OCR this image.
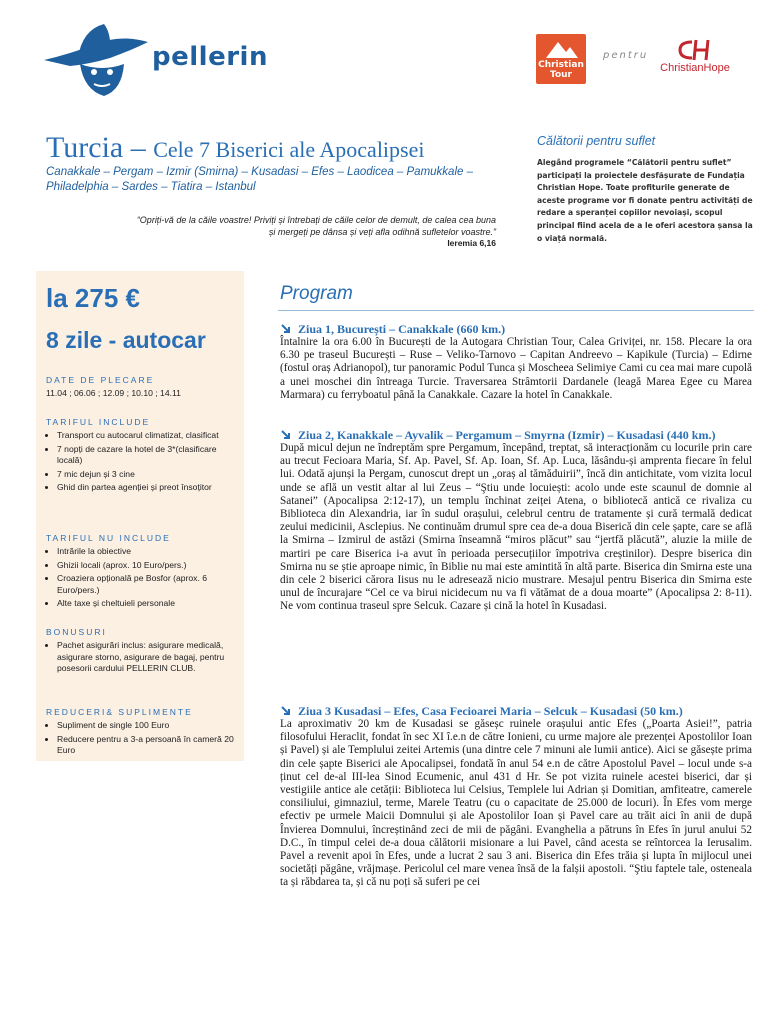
pellerin	Christian Tour
pentru
ChristianHope
Turcia – Cele 7 Biserici ale Apocalipsei
Canakkale – Pergam – Izmir (Smirna) – Kusadasi – Efes – Laodicea – Pamukkale – Philadelphia – Sardes – Tiatira – Istanbul
“Opriți-vă de la căile voastre! Priviți și întrebați de căile celor de demult, de calea cea buna și mergeți pe dânsa și veți afla odihnă sufletelor voastre.”
Ieremia 6,16
Călătorii pentru suflet
Alegând programele “Călătorii pentru suflet” participați la proiectele desfășurate de Fundația Christian Hope. Toate profiturile generate de aceste programe vor fi donate pentru activități de redare a speranței copiilor nevoiași, scopul principal fiind acela de a le oferi acestora șansa la o viață normală.
la 275 €
8 zile - autocar
DATE DE PLECARE
11.04 ; 06.06 ; 12.09 ; 10.10 ; 14.11
TARIFUL INCLUDE
• Transport cu autocarul climatizat, clasificat
• 7 nopți de cazare la hotel de 3*(clasificare locală)
• 7 mic dejun și 3 cine
• Ghid din partea agenției și preot însoțitor
TARIFUL NU INCLUDE
• Intrările la obiective
• Ghizii locali (aprox. 10 Euro/pers.)
• Croaziera opțională pe Bosfor (aprox. 6 Euro/pers.)
• Alte taxe și cheltuieli personale
BONUSURI
• Pachet asigurări inclus: asigurare medicală, asigurare storno, asigurare de bagaj, pentru posesorii cardului PELLERIN CLUB.
REDUCERI& SUPLIMENTE
• Supliment de single 100 Euro
• Reducere pentru a 3-a persoană în cameră 20 Euro
Program
Ziua 1, București – Canakkale (660 km.)

Întalnire la ora 6.00 în București de la Autogara Christian Tour, Calea Griviței, nr. 158. Plecare la ora 6.30 pe traseul București – Ruse – Veliko-Tarnovo – Capitan Andreevo – Kapikule (Turcia) – Edirne (fostul oraș Adrianopol), tur panoramic Podul Tunca și Moscheea Selimiye Cami cu cea mai mare cupolă a unei moschei din întreaga Turcie. Traversarea Strâmtorii Dardanele (leagă Marea Egee cu Marea Marmara) cu ferryboatul până la Canakkale. Cazare la hotel în Canakkale.

Ziua 2, Kanakkale – Ayvalik – Pergamum – Smyrna (Izmir) – Kusadasi (440 km.)

După micul dejun ne îndreptăm spre Pergamum, începând, treptat, să interacționăm cu locurile prin care au trecut Fecioara Maria, Sf. Ap. Pavel, Sf. Ap. Ioan, Sf. Ap. Luca, lăsându-și amprenta fiecare în felul lui. Odată ajunși la Pergam, cunoscut drept un „oraș al tămăduirii”, încă din antichitate, vom vizita locul unde se află un vestit altar al lui Zeus – “Ştiu unde locuiești: acolo unde este scaunul de domnie al Satanei” (Apocalipsa 2:12-17), un templu închinat zeiței Atena, o bibliotecă antică ce rivaliza cu Biblioteca din Alexandria, iar în sudul orașului, celebrul centru de tratamente și cură termală dedicat zeului medicinii, Asclepius. Ne continuăm drumul spre cea de-a doua Biserică din cele șapte, care se află la Smirna – Izmirul de astăzi (Smirna înseamnă “miros plăcut” sau “jertfă plăcută”, aluzie la miile de martiri pe care Biserica i-a avut în perioada persecuțiilor împotriva creștinilor). Despre biserica din Smirna nu se știe aproape nimic, în Biblie nu mai este amintită în altă parte. Biserica din Smirna este una din cele 2 biserici cărora Iisus nu le adresează nicio mustrare. Mesajul pentru Biserica din Smirna este unul de încurajare “Cel ce va birui nicidecum nu va fi vătămat de a doua moarte” (Apocalipsa 2: 8-11). Ne vom continua traseul spre Selcuk. Cazare și cină la hotel în Kusadasi.

Ziua 3 Kusadasi – Efes, Casa Fecioarei Maria – Selcuk – Kusadasi (50 km.)

La aproximativ 20 km de Kusadasi se găseșc ruinele orașului antic Efes („Poarta Asiei!”, patria filosofului Heraclit, fondat în sec XI î.e.n de către Ionieni, cu urme majore ale prezenței Apostolilor Ioan și Pavel) și ale Templului zeitei Artemis (una dintre cele 7 minuni ale lumii antice). Aici se găsește prima din cele șapte Biserici ale Apocalipsei, fondată în anul 54 e.n de către Apostolul Pavel – locul unde s-a ținut cel de-al III-lea Sinod Ecumenic, anul 431 d Hr. Se pot vizita ruinele acestei biserici, dar și vestigiile antice ale cetății: Biblioteca lui Celsius, Templele lui Adrian și Domitian, amfiteatre, camerele consiliului, gimnaziul, terme, Marele Teatru (cu o capacitate de 25.000 de locuri). În Efes vom merge efectiv pe urmele Maicii Domnului și ale Apostolilor Ioan și Pavel care au trăit aici în anii de după Învierea Domnului, încreștinând zeci de mii de păgâni. Evanghelia a pătruns în Efes în jurul anului 52 D.C., în timpul celei de-a doua călătorii misionare a lui Pavel, când acesta se reîntorcea la Ierusalim. Pavel a revenit apoi în Efes, unde a lucrat 2 sau 3 ani. Biserica din Efes trăia și lupta în mijlocul unei societăți păgâne, vrăjmașe. Pericolul cel mare venea însă de la falșii apostoli. “Ştiu faptele tale, osteneala ta și răbdarea ta, și că nu poți să suferi pe cei
